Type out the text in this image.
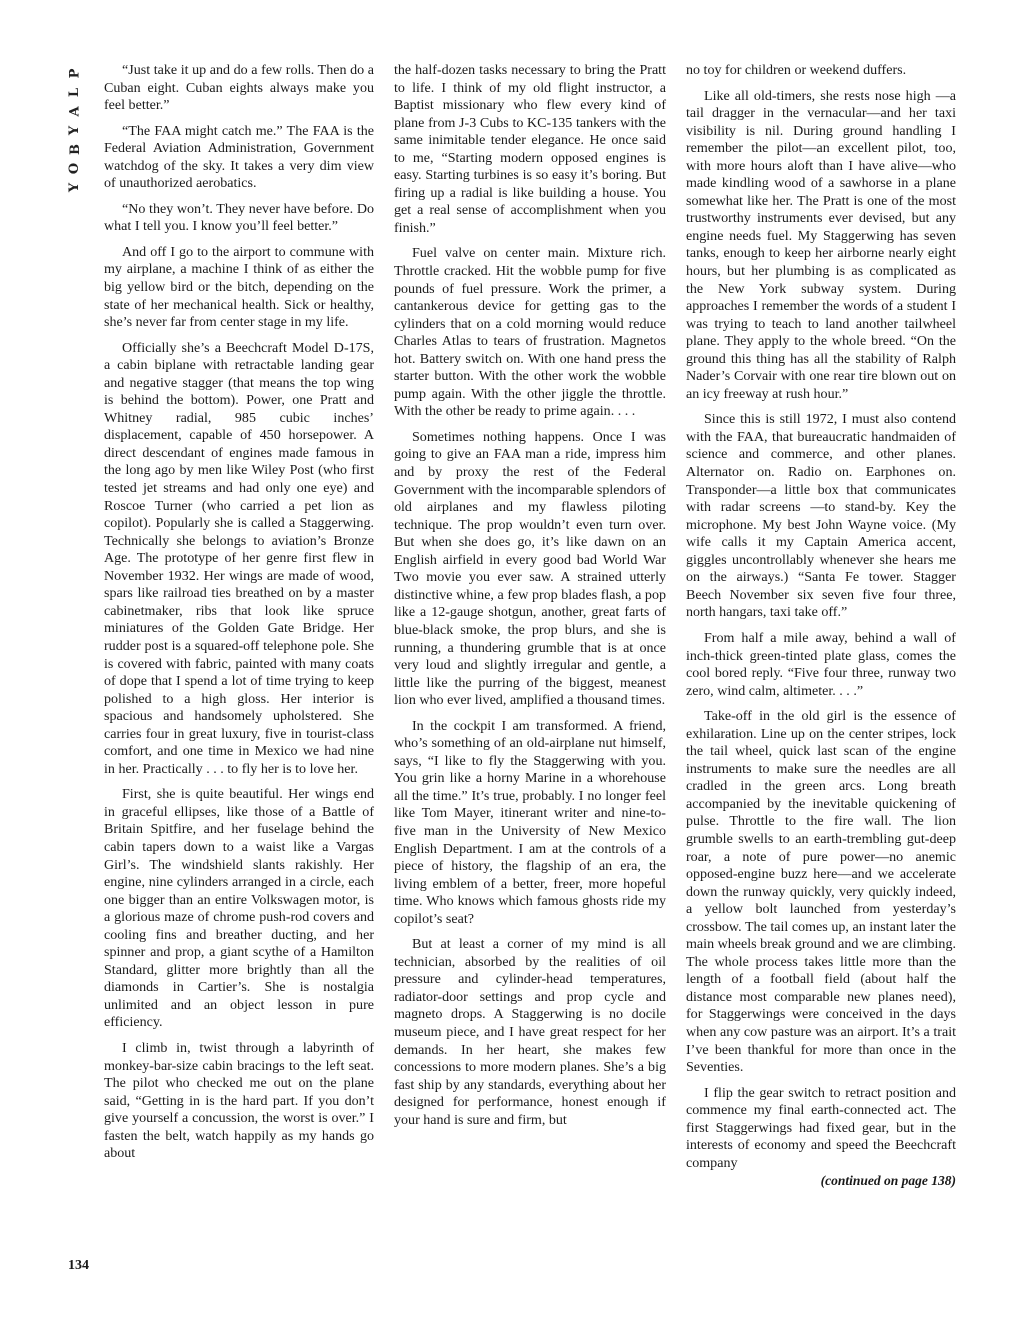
P
L
A
Y
B
O
Y
134

“Just take it up and do a few rolls. Then do a Cuban eight. Cuban eights always make you feel better.”

“The FAA might catch me.” The FAA is the Federal Aviation Administration, Government watchdog of the sky. It takes a very dim view of unauthorized aerobatics.

“No they won’t. They never have before. Do what I tell you. I know you’ll feel better.”

And off I go to the airport to commune with my airplane, a machine I think of as either the big yellow bird or the bitch, depending on the state of her mechanical health. Sick or healthy, she’s never far from center stage in my life.

Officially she’s a Beechcraft Model D-17S, a cabin biplane with retractable landing gear and negative stagger (that means the top wing is behind the bottom). Power, one Pratt and Whitney radial, 985 cubic inches’ displacement, capable of 450 horsepower. A direct descendant of engines made famous in the long ago by men like Wiley Post (who first tested jet streams and had only one eye) and Roscoe Turner (who carried a pet lion as copilot). Popularly she is called a Staggerwing. Technically she belongs to aviation’s Bronze Age. The prototype of her genre first flew in November 1932. Her wings are made of wood, spars like railroad ties breathed on by a master cabinetmaker, ribs that look like spruce miniatures of the Golden Gate Bridge. Her rudder post is a squared-off telephone pole. She is covered with fabric, painted with many coats of dope that I spend a lot of time trying to keep polished to a high gloss. Her interior is spacious and handsomely upholstered. She carries four in great luxury, five in tourist-class comfort, and one time in Mexico we had nine in her. Practically . . . to fly her is to love her.

First, she is quite beautiful. Her wings end in graceful ellipses, like those of a Battle of Britain Spitfire, and her fuselage behind the cabin tapers down to a waist like a Vargas Girl’s. The windshield slants rakishly. Her engine, nine cylinders arranged in a circle, each one bigger than an entire Volkswagen motor, is a glorious maze of chrome push-rod covers and cooling fins and breather ducting, and her spinner and prop, a giant scythe of a Hamilton Standard, glitter more brightly than all the diamonds in Cartier’s. She is nostalgia unlimited and an object lesson in pure efficiency.

I climb in, twist through a labyrinth of monkey-bar-size cabin bracings to the left seat. The pilot who checked me out on the plane said, “Getting in is the hard part. If you don’t give yourself a concussion, the worst is over.” I fasten the belt, watch happily as my hands go about

the half-dozen tasks necessary to bring the Pratt to life. I think of my old flight instructor, a Baptist missionary who flew every kind of plane from J-3 Cubs to KC-135 tankers with the same inimitable tender elegance. He once said to me, “Starting modern opposed engines is easy. Starting turbines is so easy it’s boring. But firing up a radial is like building a house. You get a real sense of accomplishment when you finish.”

Fuel valve on center main. Mixture rich. Throttle cracked. Hit the wobble pump for five pounds of fuel pressure. Work the primer, a cantankerous device for getting gas to the cylinders that on a cold morning would reduce Charles Atlas to tears of frustration. Magnetos hot. Battery switch on. With one hand press the starter button. With the other work the wobble pump again. With the other jiggle the throttle. With the other be ready to prime again. . . .

Sometimes nothing happens. Once I was going to give an FAA man a ride, impress him and by proxy the rest of the Federal Government with the incomparable splendors of old airplanes and my flawless piloting technique. The prop wouldn’t even turn over. But when she does go, it’s like dawn on an English airfield in every good bad World War Two movie you ever saw. A strained utterly distinctive whine, a few prop blades flash, a pop like a 12-gauge shotgun, another, great farts of blue-black smoke, the prop blurs, and she is running, a thundering grumble that is at once very loud and slightly irregular and gentle, a little like the purring of the biggest, meanest lion who ever lived, amplified a thousand times.

In the cockpit I am transformed. A friend, who’s something of an old-airplane nut himself, says, “I like to fly the Staggerwing with you. You grin like a horny Marine in a whorehouse all the time.” It’s true, probably. I no longer feel like Tom Mayer, itinerant writer and nine-to-five man in the University of New Mexico English Department. I am at the controls of a piece of history, the flagship of an era, the living emblem of a better, freer, more hopeful time. Who knows which famous ghosts ride my copilot’s seat?

But at least a corner of my mind is all technician, absorbed by the realities of oil pressure and cylinder-head temperatures, radiator-door settings and prop cycle and magneto drops. A Staggerwing is no docile museum piece, and I have great respect for her demands. In her heart, she makes few concessions to more modern planes. She’s a big fast ship by any standards, everything about her designed for performance, honest enough if your hand is sure and firm, but

no toy for children or weekend duffers.

Like all old-timers, she rests nose high —a tail dragger in the vernacular—and her taxi visibility is nil. During ground handling I remember the pilot—an excellent pilot, too, with more hours aloft than I have alive—who made kindling wood of a sawhorse in a plane somewhat like her. The Pratt is one of the most trustworthy instruments ever devised, but any engine needs fuel. My Staggerwing has seven tanks, enough to keep her airborne nearly eight hours, but her plumbing is as complicated as the New York subway system. During approaches I remember the words of a student I was trying to teach to land another tailwheel plane. They apply to the whole breed. “On the ground this thing has all the stability of Ralph Nader’s Corvair with one rear tire blown out on an icy freeway at rush hour.”

Since this is still 1972, I must also contend with the FAA, that bureaucratic handmaiden of science and commerce, and other planes. Alternator on. Radio on. Earphones on. Transponder—a little box that communicates with radar screens —to stand-by. Key the microphone. My best John Wayne voice. (My wife calls it my Captain America accent, giggles uncontrollably whenever she hears me on the airways.) “Santa Fe tower. Stagger Beech November six seven five four three, north hangars, taxi take off.”

From half a mile away, behind a wall of inch-thick green-tinted plate glass, comes the cool bored reply. “Five four three, runway two zero, wind calm, altimeter. . . .”

Take-off in the old girl is the essence of exhilaration. Line up on the center stripes, lock the tail wheel, quick last scan of the engine instruments to make sure the needles are all cradled in the green arcs. Long breath accompanied by the inevitable quickening of pulse. Throttle to the fire wall. The lion grumble swells to an earth-trembling gut-deep roar, a note of pure power—no anemic opposed-engine buzz here—and we accelerate down the runway quickly, very quickly indeed, a yellow bolt launched from yesterday’s crossbow. The tail comes up, an instant later the main wheels break ground and we are climbing. The whole process takes little more than the length of a football field (about half the distance most comparable new planes need), for Staggerwings were conceived in the days when any cow pasture was an airport. It’s a trait I’ve been thankful for more than once in the Seventies.

I flip the gear switch to retract position and commence my final earth-connected act. The first Staggerwings had fixed gear, but in the interests of economy and speed the Beechcraft company

(continued on page 138)
